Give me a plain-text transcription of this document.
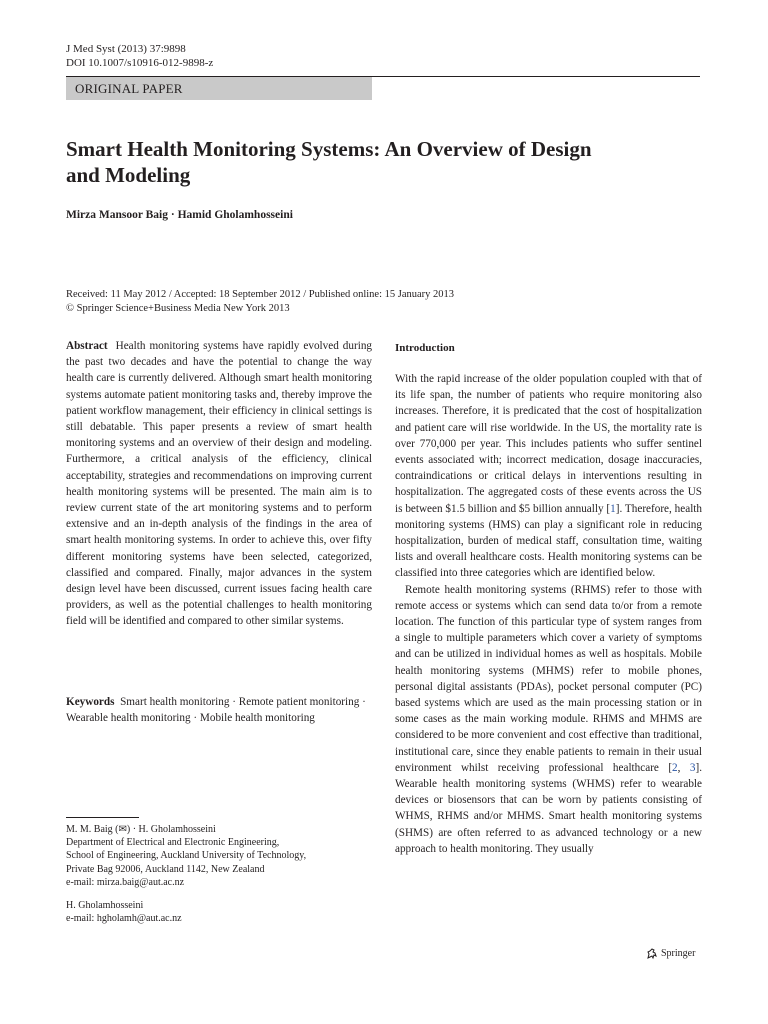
J Med Syst (2013) 37:9898
DOI 10.1007/s10916-012-9898-z
ORIGINAL PAPER
Smart Health Monitoring Systems: An Overview of Design
and Modeling
Mirza Mansoor Baig · Hamid Gholamhosseini
Received: 11 May 2012 / Accepted: 18 September 2012 / Published online: 15 January 2013
© Springer Science+Business Media New York 2013
Abstract Health monitoring systems have rapidly evolved during the past two decades and have the potential to change the way health care is currently delivered. Although smart health monitoring systems automate patient monitoring tasks and, thereby improve the patient workflow management, their efficiency in clinical settings is still debatable. This paper presents a review of smart health monitoring systems and an overview of their design and modeling. Furthermore, a critical analysis of the efficiency, clinical acceptability, strategies and recommendations on improving current health monitoring systems will be presented. The main aim is to review current state of the art monitoring systems and to perform extensive and an in-depth analysis of the findings in the area of smart health monitoring systems. In order to achieve this, over fifty different monitoring systems have been selected, categorized, classified and compared. Finally, major advances in the system design level have been discussed, current issues facing health care providers, as well as the potential challenges to health monitoring field will be identified and compared to other similar systems.
Keywords Smart health monitoring · Remote patient monitoring · Wearable health monitoring · Mobile health monitoring

M. M. Baig (✉) · H. Gholamhosseini

Department of Electrical and Electronic Engineering,

School of Engineering, Auckland University of Technology,

Private Bag 92006, Auckland 1142, New Zealand

e-mail: mirza.baig@aut.ac.nz

H. Gholamhosseini

e-mail: hgholamh@aut.ac.nz

Introduction

With the rapid increase of the older population coupled with that of its life span, the number of patients who require monitoring also increases. Therefore, it is predicated that the cost of hospitalization and patient care will rise worldwide. In the US, the mortality rate is over 770,000 per year. This includes patients who suffer sentinel events associated with; incorrect medication, dosage inaccuracies, contraindications or critical delays in interventions resulting in hospitalization. The aggregated costs of these events across the US is between $1.5 billion and $5 billion annually [1]. Therefore, health monitoring systems (HMS) can play a significant role in reducing hospitalization, burden of medical staff, consultation time, waiting lists and overall healthcare costs. Health monitoring systems can be classified into three categories which are identified below.

Remote health monitoring systems (RHMS) refer to those with remote access or systems which can send data to/or from a remote location. The function of this particular type of system ranges from a single to multiple parameters which cover a variety of symptoms and can be utilized in individual homes as well as hospitals. Mobile health monitoring systems (MHMS) refer to mobile phones, personal digital assistants (PDAs), pocket personal computer (PC) based systems which are used as the main processing station or in some cases as the main working module. RHMS and MHMS are considered to be more convenient and cost effective than traditional, institutional care, since they enable patients to remain in their usual environment whilst receiving professional healthcare [2, 3]. Wearable health monitoring systems (WHMS) refer to wearable devices or biosensors that can be worn by patients consisting of WHMS, RHMS and/or MHMS. Smart health monitoring systems (SHMS) are often referred to as advanced technology or a new approach to health monitoring. They usually

Springer
